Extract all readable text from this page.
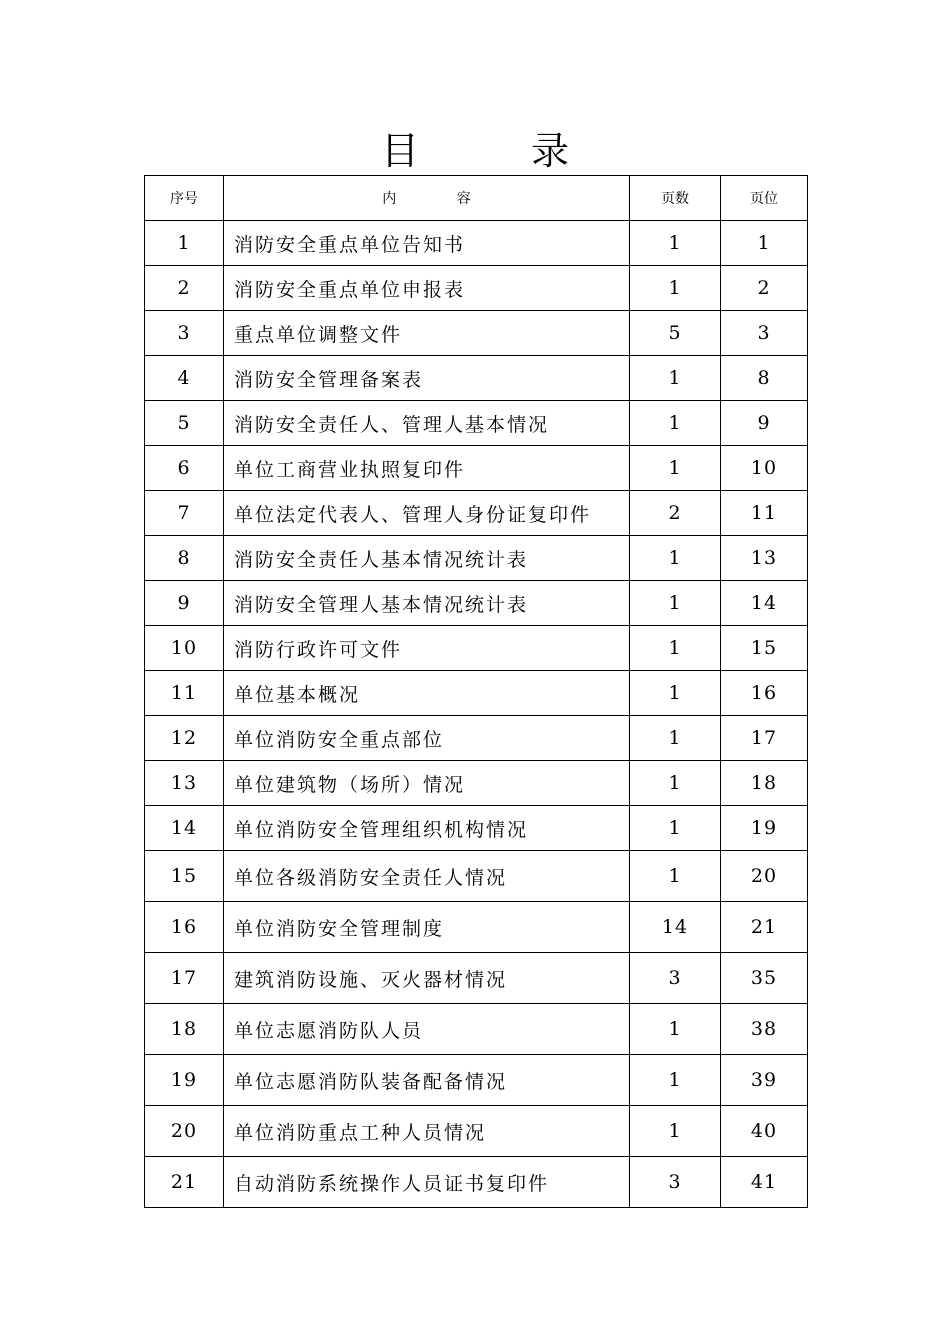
目 录
序号	内 容	页数	页位
1	消防安全重点单位告知书	1	1
2	消防安全重点单位申报表	1	2
3	重点单位调整文件	5	3
4	消防安全管理备案表	1	8
5	消防安全责任人、管理人基本情况	1	9
6	单位工商营业执照复印件	1	10
7	单位法定代表人、管理人身份证复印件	2	11
8	消防安全责任人基本情况统计表	1	13
9	消防安全管理人基本情况统计表	1	14
10	消防行政许可文件	1	15
11	单位基本概况	1	16
12	单位消防安全重点部位	1	17
13	单位建筑物（场所）情况	1	18
14	单位消防安全管理组织机构情况	1	19
15	单位各级消防安全责任人情况	1	20
16	单位消防安全管理制度	14	21
17	建筑消防设施、灭火器材情况	3	35
18	单位志愿消防队人员	1	38
19	单位志愿消防队装备配备情况	1	39
20	单位消防重点工种人员情况	1	40
21	自动消防系统操作人员证书复印件	3	41
